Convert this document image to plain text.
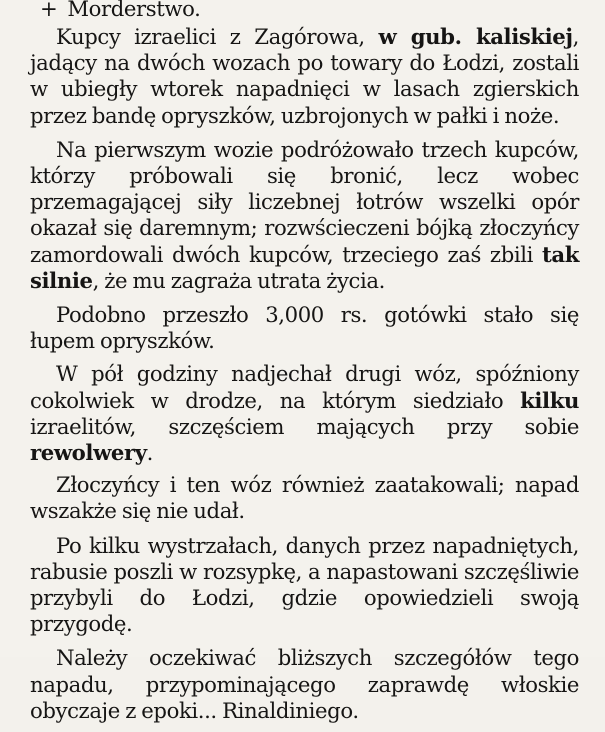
+ Morderstwo.

Kupcy izraelici z Zagórowa, w gub. kaliskiej, jadący na dwóch wozach po towary do Łodzi, zostali w ubiegły wtorek napadnięci w lasach zgierskich przez bandę opryszków, uzbrojonych w pałki i noże.

Na pierwszym wozie podróżowało trzech kupców, którzy próbowali się bronić, lecz wobec przemagającej siły liczebnej łotrów wszelki opór okazał się daremnym; rozwścieczeni bójką złoczyńcy zamordowali dwóch kupców, trzeciego zaś zbili tak silnie, że mu zagraża utrata życia.

Podobno przeszło 3,000 rs. gotówki stało się łupem opryszków.

W pół godziny nadjechał drugi wóz, spóźniony cokolwiek w drodze, na którym siedziało kilku izraelitów, szczęściem mających przy sobie rewolwery.

Złoczyńcy i ten wóz również zaatakowali; napad wszakże się nie udał.

Po kilku wystrzałach, danych przez napadniętych, rabusie poszli w rozsypkę, a napastowani szczęśliwie przybyli do Łodzi, gdzie opowiedzieli swoją przygodę.

Należy oczekiwać bliższych szczegółów tego napadu, przypominającego zaprawdę włoskie obyczaje z epoki... Rinaldiniego.
